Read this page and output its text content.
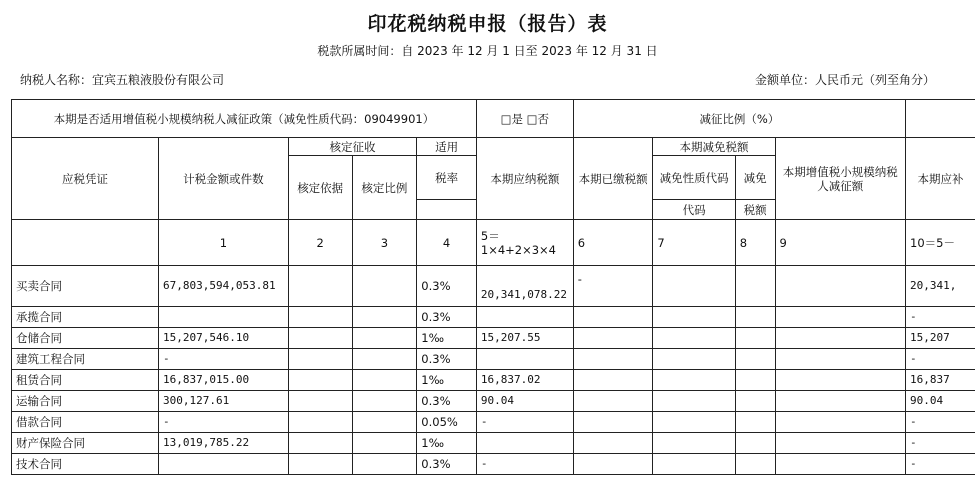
印花税纳税申报（报告）表
税款所属时间：自 2023 年 12 月 1 日至 2023 年 12 月 31 日
纳税人名称：宜宾五粮液股份有限公司	金额单位：人民币元（列至角分）
本期是否适用增值税小规模纳税人减征政策（减免性质代码：09049901）					□是 □否	减征比例（%）				
应税凭证	计税金额或件数	核定征收		适用	本期应纳税额	本期已缴税额	本期减免税额		本期增值税小规模纳税人减征额	本期应补
		核定依据	核定比例	税率			减免性质代码	减免		

							代码	税额		
	1	2	3	4	5＝1×4+2×3×4	6	7	8	9	10＝5－
买卖合同	67,803,594,053.81			0.3%	20,341,078.22	-				20,341,
承揽合同				0.3%						-
仓储合同	15,207,546.10			1‰	15,207.55					15,207
建筑工程合同	-			0.3%						-
租赁合同	16,837,015.00			1‰	16,837.02					16,837
运输合同	300,127.61			0.3%	90.04					90.04
借款合同	-			0.05%	-					-
财产保险合同	13,019,785.22			1‰						-
技术合同				0.3%	-					-
